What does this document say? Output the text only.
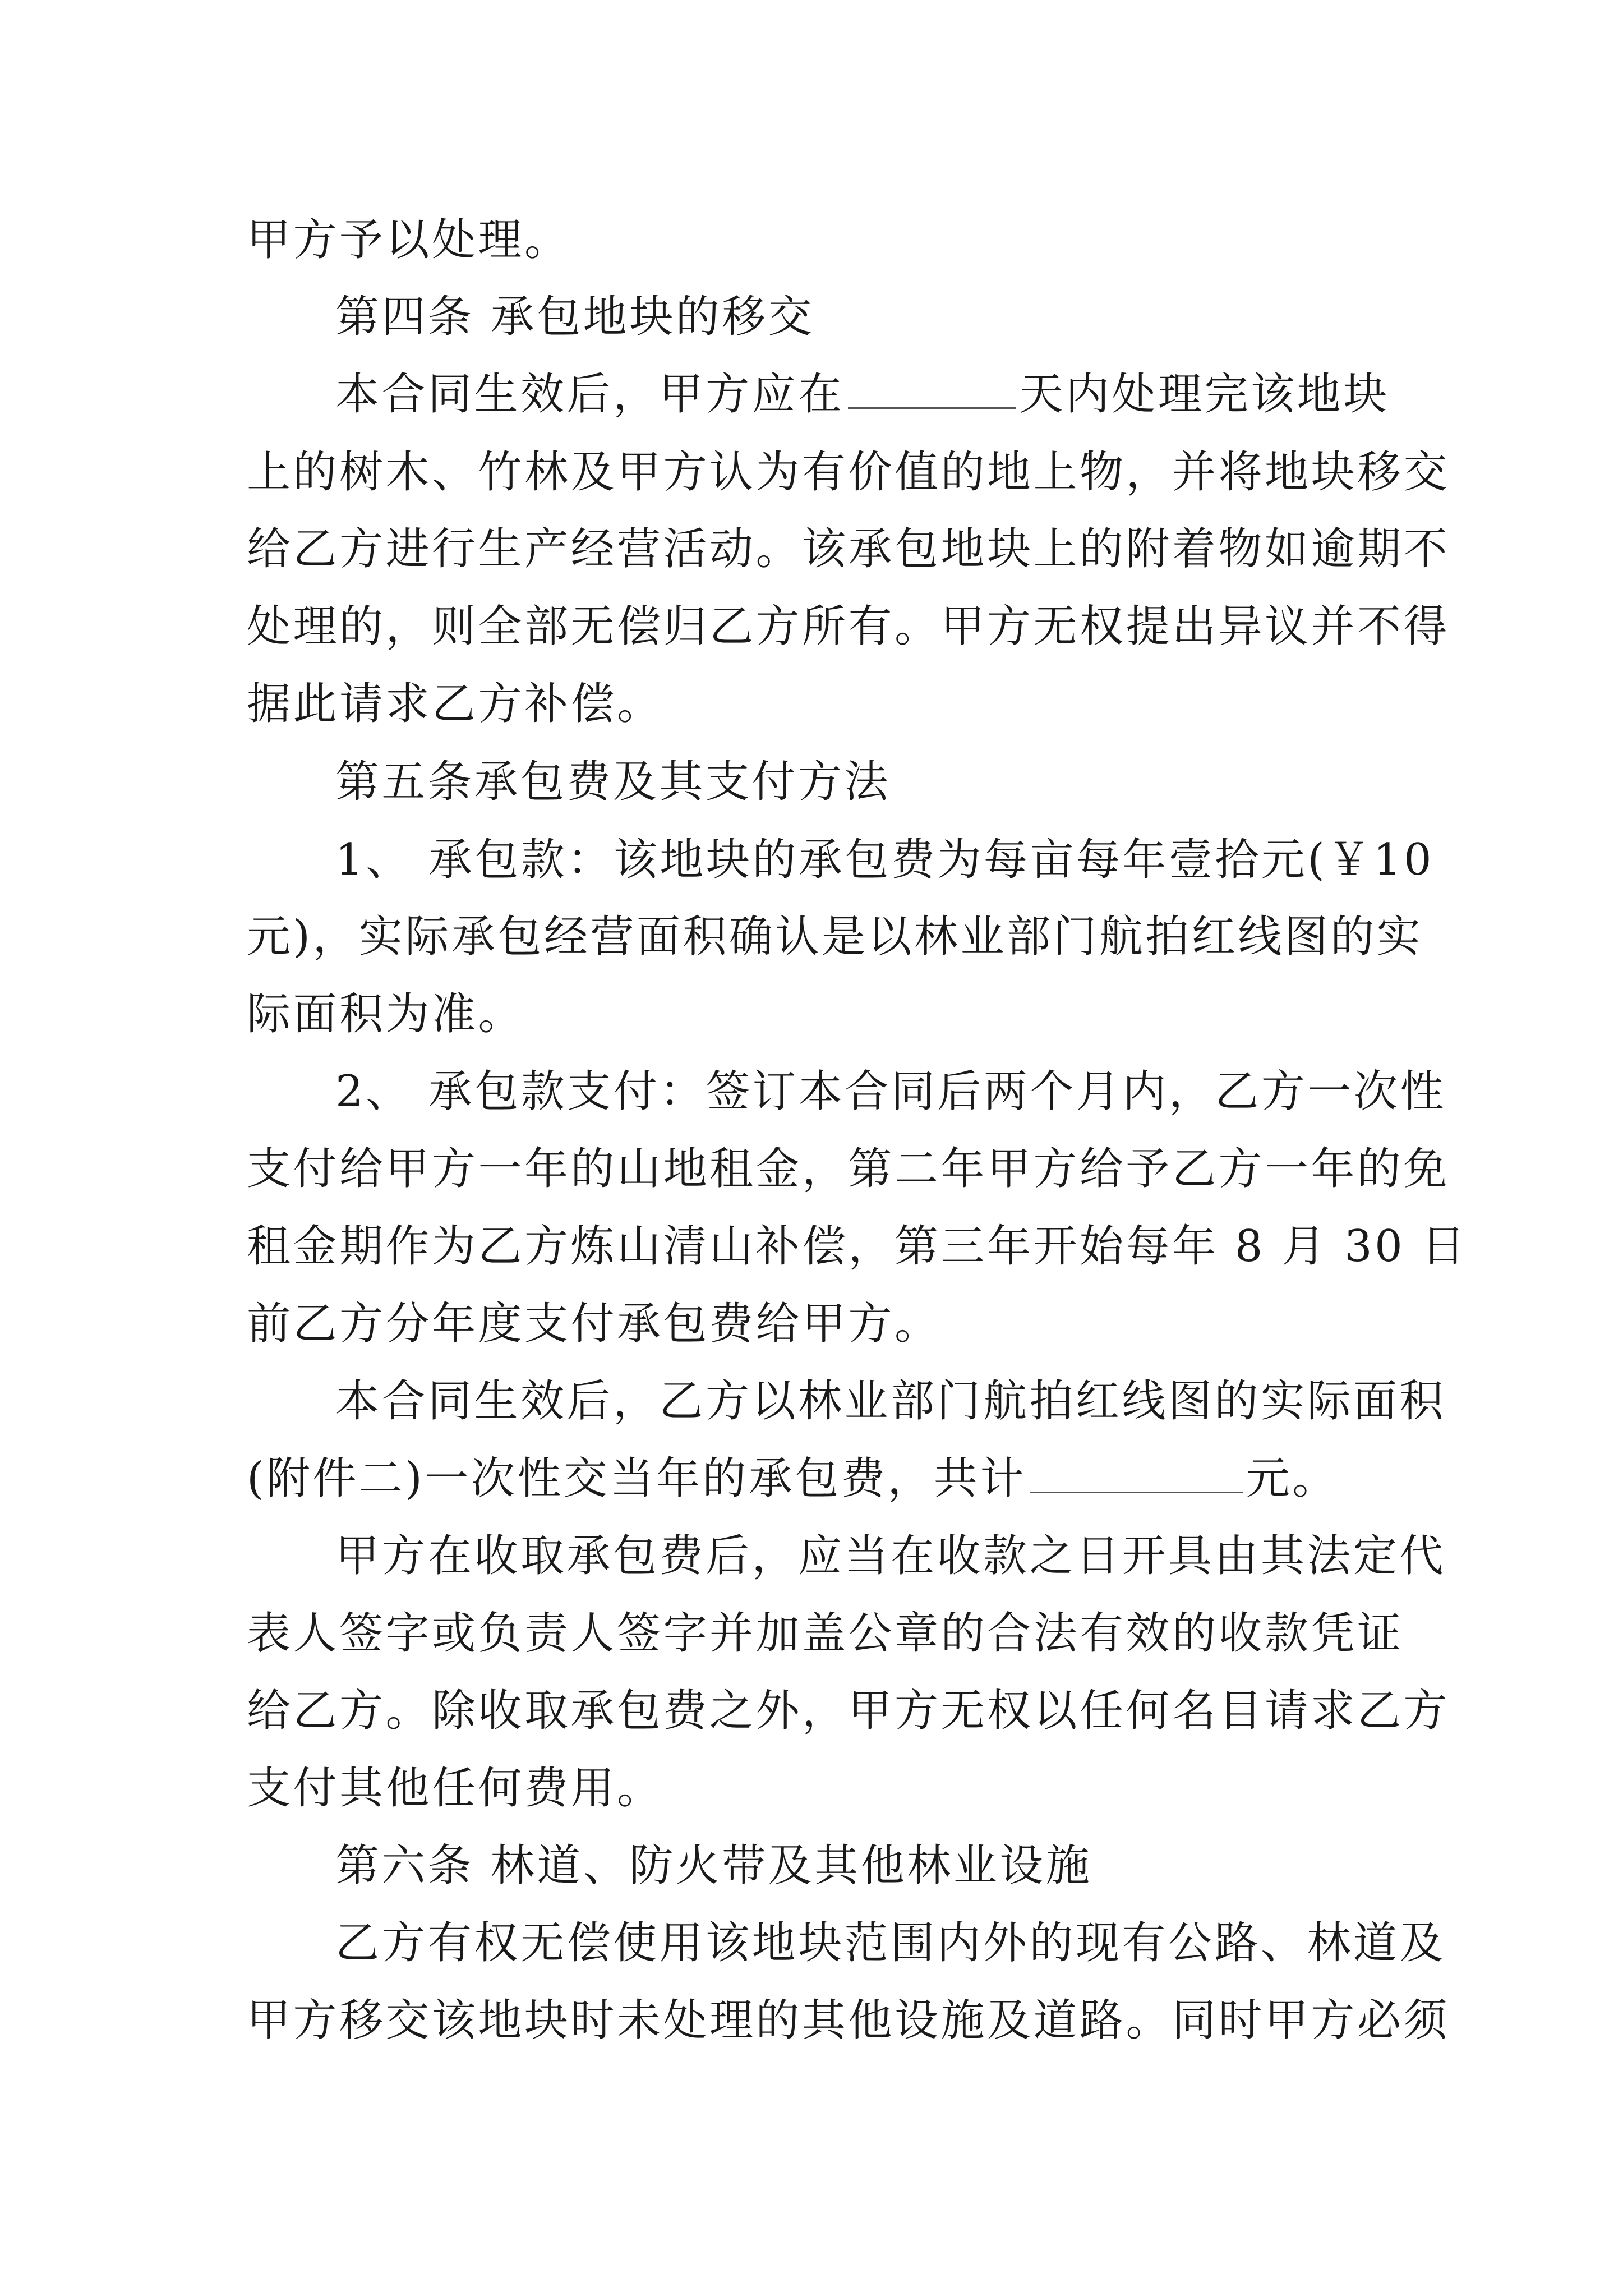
甲方予以处理。
第四条 承包地块的移交
本合同生效后，甲方应在	天内处理完该地块
上的树木、竹林及甲方认为有价值的地上物，并将地块移交
给乙方进行生产经营活动。该承包地块上的附着物如逾期不
处理的，则全部无偿归乙方所有。甲方无权提出异议并不得
据此请求乙方补偿。
第五条承包费及其支付方法
1、 承包款：该地块的承包费为每亩每年壹拾元(￥10
元)，实际承包经营面积确认是以林业部门航拍红线图的实
际面积为准。
2、 承包款支付：签订本合同后两个月内，乙方一次性
支付给甲方一年的山地租金，第二年甲方给予乙方一年的免
租金期作为乙方炼山清山补偿，第三年开始每年 8 月 30 日
前乙方分年度支付承包费给甲方。
本合同生效后，乙方以林业部门航拍红线图的实际面积
(附件二)一次性交当年的承包费，共计	元。
甲方在收取承包费后，应当在收款之日开具由其法定代
表人签字或负责人签字并加盖公章的合法有效的收款凭证
给乙方。除收取承包费之外，甲方无权以任何名目请求乙方
支付其他任何费用。
第六条 林道、防火带及其他林业设施
乙方有权无偿使用该地块范围内外的现有公路、林道及
甲方移交该地块时未处理的其他设施及道路。同时甲方必须
